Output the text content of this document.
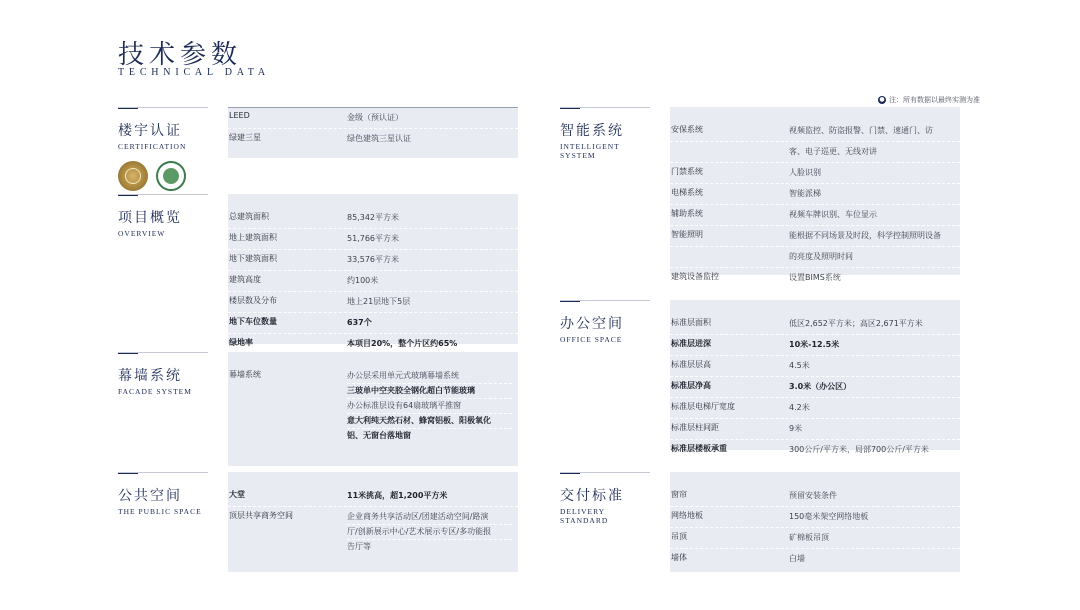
技术参数
TECHNICAL DATA
● 注：所有数据以最终实测为准
楼宇认证
CERTIFICATION
LEED	金级（预认证）
绿建三星	绿色建筑三星认证
项目概览
OVERVIEW
总建筑面积	85,342平方米
地上建筑面积	51,766平方米
地下建筑面积	33,576平方米
建筑高度	约100米
楼层数及分布	地上21层地下5层
地下车位数量	637个
绿地率	本项目20%，整个片区约65%
幕墙系统
FACADE SYSTEM
幕墙系统	办公层采用单元式玻璃幕墙系统
三玻单中空夹胶全钢化超白节能玻璃
办公标准层设有64扇玻璃平推窗
意大利纯天然石材、蜂窝铝板、阳极氧化
铝、无窗台落地窗
公共空间
THE PUBLIC SPACE
大堂	11米挑高，超1,200平方米
顶层共享商务空间	企业商务共享活动区/团建活动空间/路演
厅/创新展示中心/艺术展示专区/多功能报
告厅等
智能系统
INTELLIGENT SYSTEM
安保系统	视频监控、防盗报警、门禁、速通门、访
客、电子巡更、无线对讲
门禁系统	人脸识别
电梯系统	智能派梯
辅助系统	视频车牌识别、车位显示
智能照明	能根据不同场景及时段，科学控制照明设备
的亮度及照明时间
建筑设备监控	设置BIMS系统
办公空间
OFFICE SPACE
标准层面积	低区2,652平方米；高区2,671平方米
标准层进深	10米-12.5米
标准层层高	4.5米
标准层净高	3.0米（办公区）
标准层电梯厅宽度	4.2米
标准层柱间距	9米
标准层楼板承重	300公斤/平方米，局部700公斤/平方米
交付标准
DELIVERY STANDARD
窗帘	预留安装条件
网络地板	150毫米架空网络地板
吊顶	矿棉板吊顶
墙体	白墙
